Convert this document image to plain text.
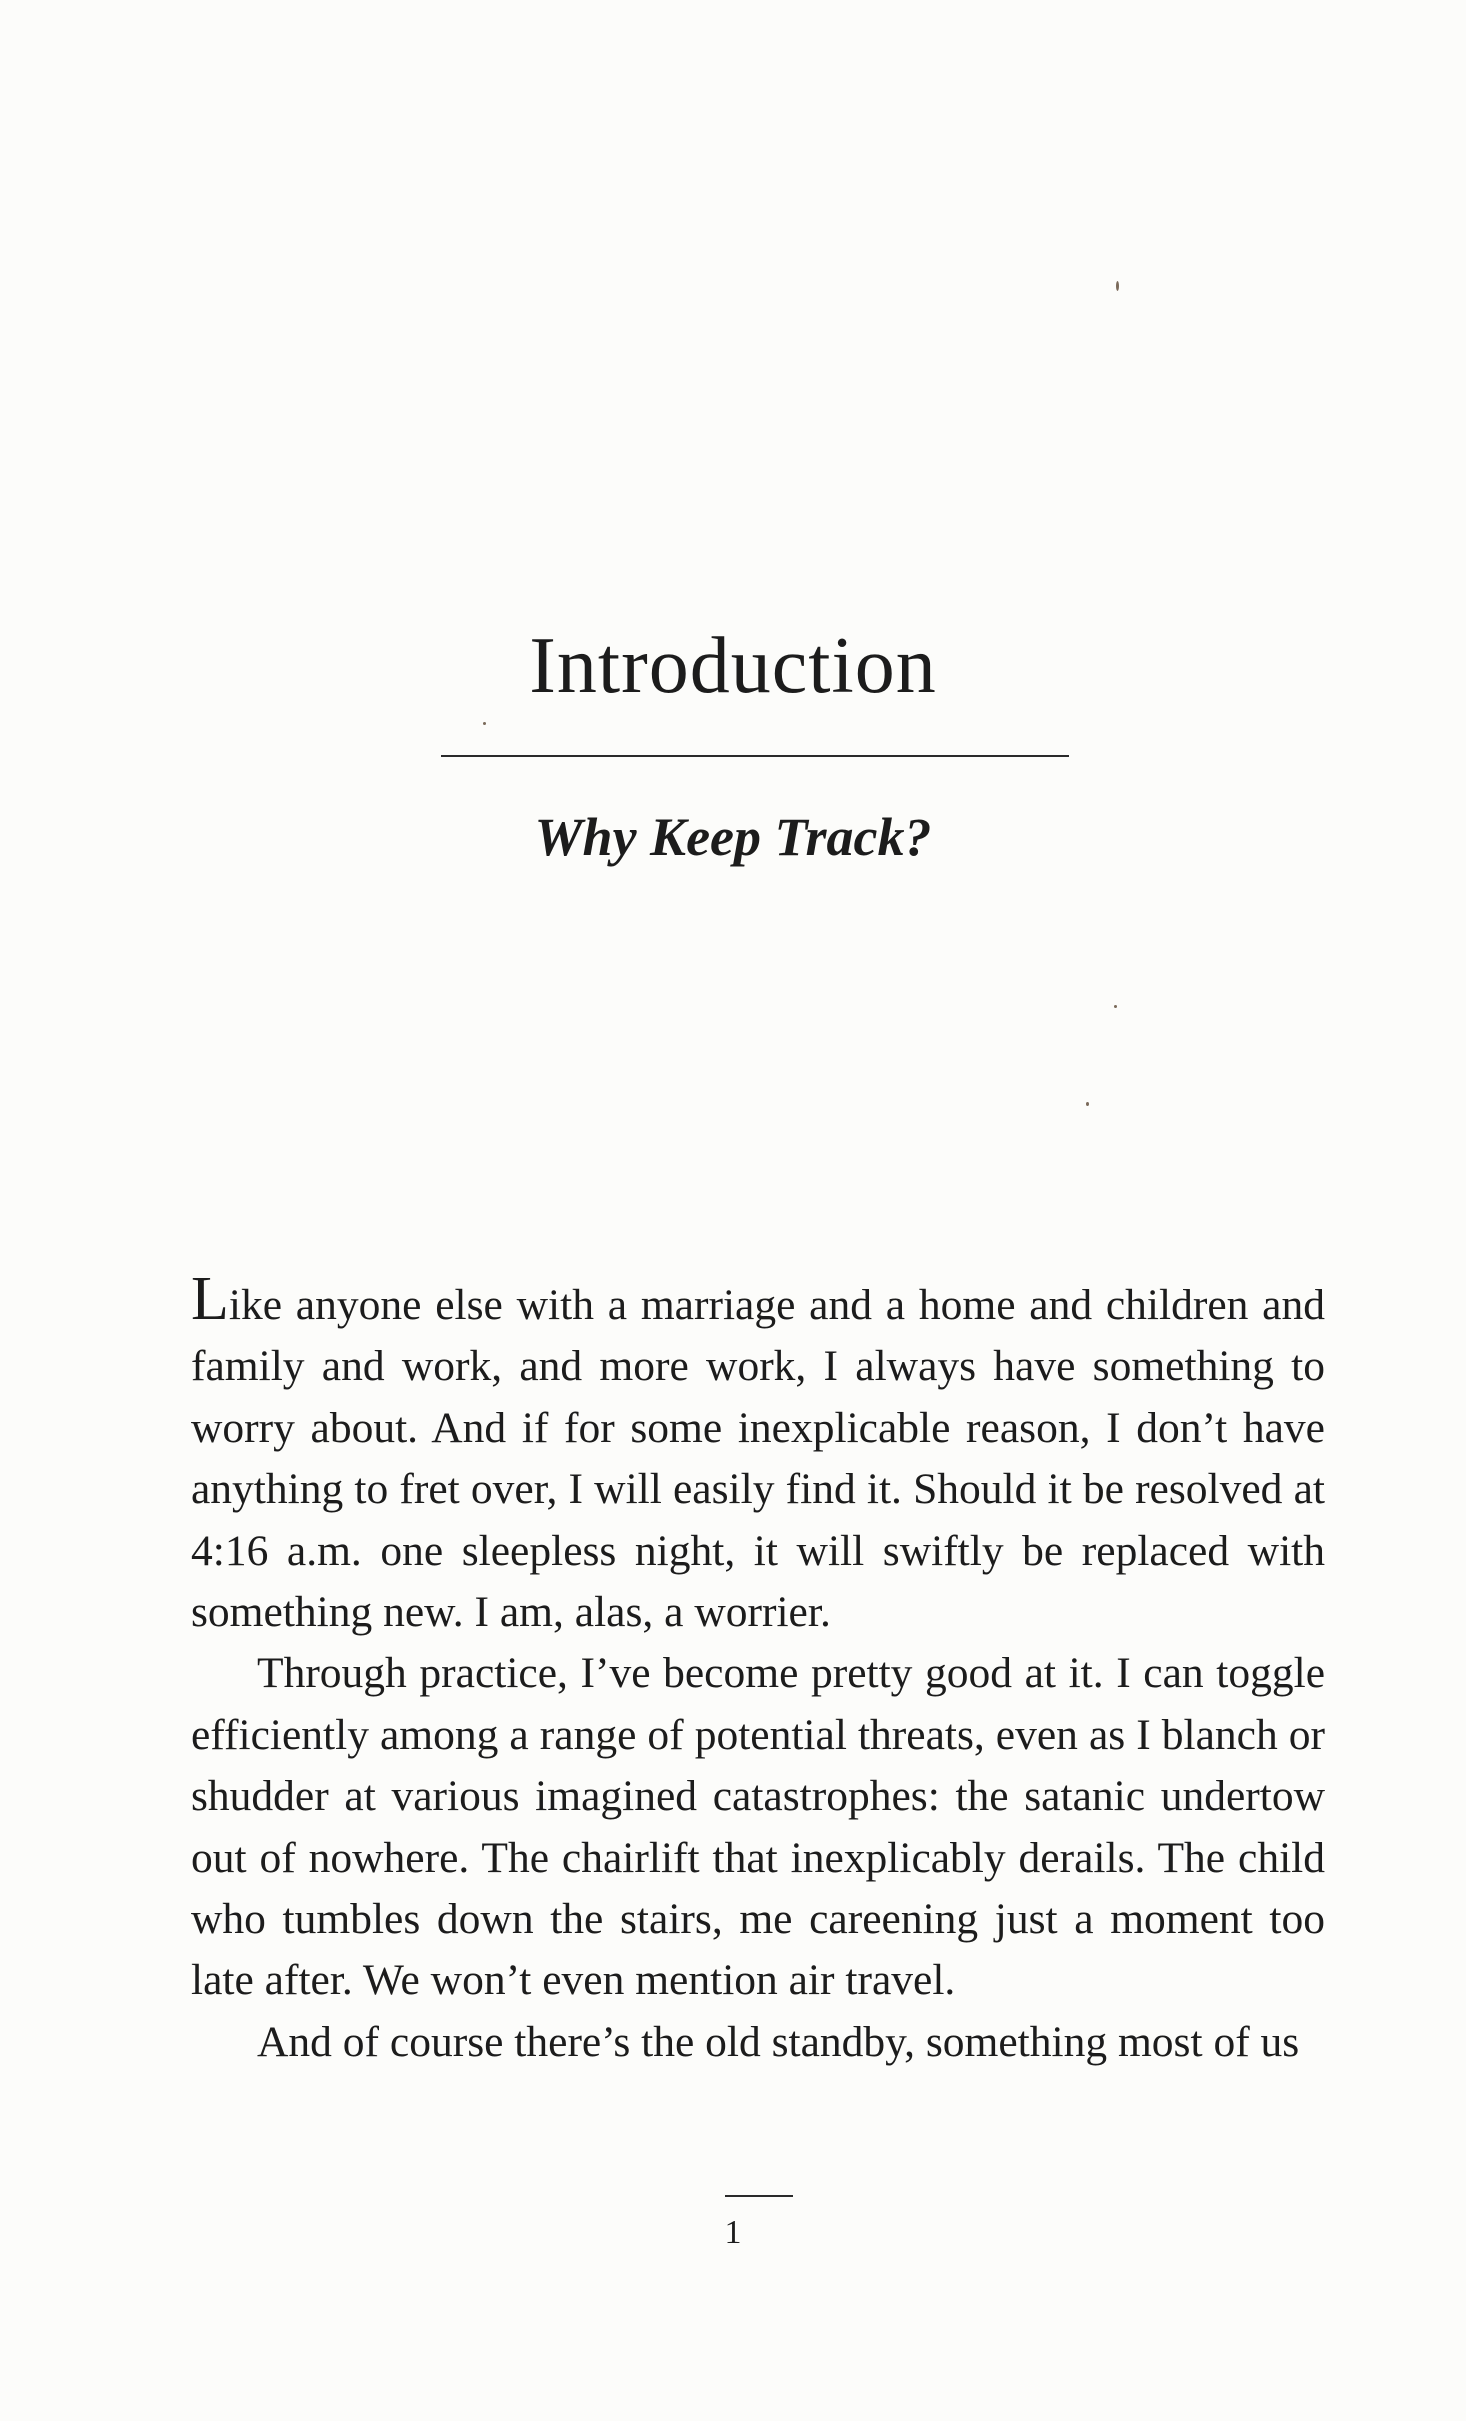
Introduction
Why Keep Track?

Like anyone else with a marriage and a home and children and family and work, and more work, I always have something to worry about. And if for some inexplicable reason, I don’t have anything to fret over, I will easily find it. Should it be resolved at 4:16 a.m. one sleepless night, it will swiftly be replaced with something new. I am, alas, a worrier.

Through practice, I’ve become pretty good at it. I can toggle efficiently among a range of potential threats, even as I blanch or shudder at various imagined catastrophes: the satanic undertow out of nowhere. The chairlift that inexplicably derails. The child who tumbles down the stairs, me careening just a moment too late after. We won’t even mention air travel.

And of course there’s the old standby, something most of us

1
